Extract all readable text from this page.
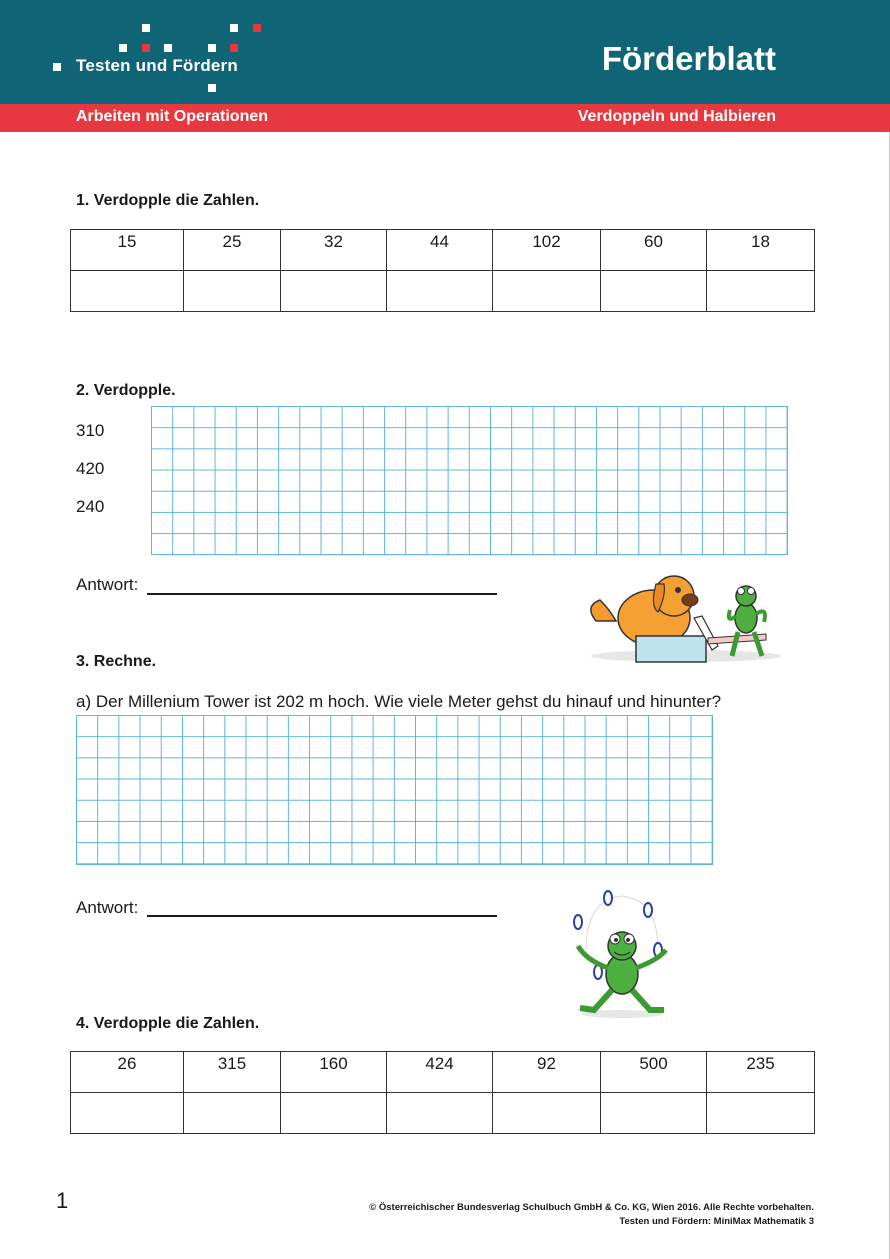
Testen und Fördern	Förderblatt
Arbeiten mit Operationen	Verdoppeln und Halbieren
1. Verdopple die Zahlen.
15	25	32	44	102	60	18

2. Verdopple.
310
420
240
Antwort:
3. Rechne.
a) Der Millenium Tower ist 202 m hoch. Wie viele Meter gehst du hinauf und hinunter?
Antwort:
4. Verdopple die Zahlen.
26	315	160	424	92	500	235

1	© Österreichischer Bundesverlag Schulbuch GmbH & Co. KG, Wien 2016. Alle Rechte vorbehalten.
Testen und Fördern: MiniMax Mathematik 3
